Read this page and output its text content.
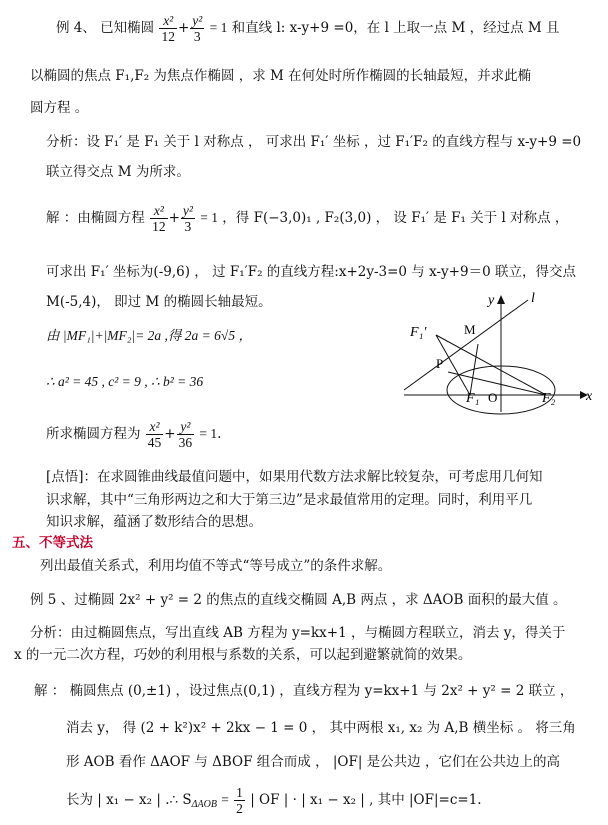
例 4、 已知椭圆 $\frac{\text{x²}}{12} + \frac{\text{y²}}{3} = 1$ 和直线 l: x-y+9 =0，在 l 上取一点 M ，经过点 M 且
以椭圆的焦点 F₁,F₂ 为焦点作椭圆 ，求 M 在何处时所作椭圆的长轴最短，并求此椭
圆方程 。
分析：设 F₁′ 是 F₁ 关于 l 对称点 ， 可求出 F₁′ 坐标 ，过 F₁′F₂ 的直线方程与 x-y+9 =0
联立得交点 M 为所求。
解 ：由椭圆方程 $\frac{\text{x²}}{12} + \frac{\text{y²}}{3} = 1$ ，得 F(−3,0)₁ , F₂(3,0) ， 设 F₁′ 是 F₁ 关于 l 对称点 ，
可求出 F₁′ 坐标为(-9,6) ， 过 F₁′F₂ 的直线方程:x+2y-3=0 与 x-y+9＝0 联立，得交点
M(-5,4)， 即过 M 的椭圆长轴最短。
由 |MF₁|+|MF₂|= 2a ,得 2a = 6√5 ，
∴ a² = 45 , c² = 9 , ∴ b² = 36
所求椭圆方程为 $\frac{\text{x²}}{45} + \frac{\text{y²}}{36} = 1$.
y	l
F₁′	M
P
F₁ O	F₂ x
[点悟]：在求圆锥曲线最值问题中，如果用代数方法求解比较复杂，可考虑用几何知
识求解，其中“三角形两边之和大于第三边”是求最值常用的定理。同时，利用平几
知识求解，蕴涵了数形结合的思想。
五、不等式法
列出最值关系式，利用均值不等式“等号成立”的条件求解。
例 5 、过椭圆 2x² + y² = 2 的焦点的直线交椭圆 A,B 两点 ，求 ΔAOB 面积的最大值 。
分析：由过椭圆焦点，写出直线 AB 方程为 y=kx+1 ，与椭圆方程联立，消去 y，得关于
x 的一元二次方程，巧妙的利用根与系数的关系，可以起到避繁就简的效果。
解 ： 椭圆焦点 (0,±1) ，设过焦点(0,1) ，直线方程为 y=kx+1 与 2x² + y² = 2 联立 ，
消去 y， 得 (2 + k²)x² + 2kx − 1 = 0 ， 其中两根 x₁, x₂ 为 A,B 横坐标 。 将三角
形 AOB 看作 ΔAOF 与 ΔBOF 组合而成 ， |OF| 是公共边 ，它们在公共边上的高
长为 | x₁ − x₂ | .∴ $S_{\Delta AOB} = \frac{1}{2}$ | OF | · | x₁ − x₂ | , 其中 |OF|=c=1.
